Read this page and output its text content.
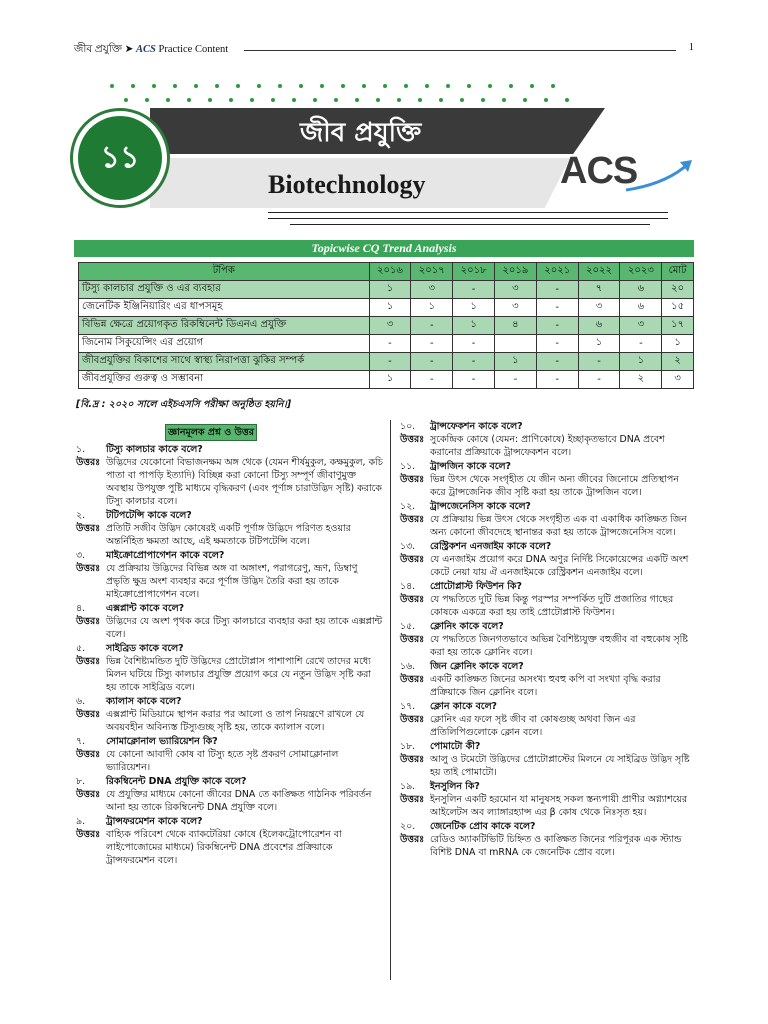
জীব প্রযুক্তি ➤ ACS Practice Content	1
জীব প্রযুক্তি
Biotechnology
১১	ACS
Topicwise CQ Trend Analysis
টপিক	২০১৬	২০১৭	২০১৮	২০১৯	২০২১	২০২২	২০২৩	মোট
টিস্যু কালচার প্রযুক্তি ও এর ব্যবহার	১	৩	-	৩	-	৭	৬	২০
জেনেটিক ইঞ্জিনিয়ারিং এর ধাপসমূহ	১	১	১	৩	-	৩	৬	১৫
বিভিন্ন ক্ষেত্রে প্রয়োগকৃত রিকম্বিনেন্ট ডিএনএ প্রযুক্তি	৩	-	১	৪	-	৬	৩	১৭
জিনোম সিকুয়েন্সিং এর প্রয়োগ	-	-	-		-	১	-	১
জীবপ্রযুক্তির বিকাশের সাথে স্বাস্থ্য নিরাপত্তা ঝুকির সম্পর্ক	-	-	-	১	-	-	১	২
জীবপ্রযুক্তির গুরুত্ব ও সম্ভাবনা	১	-	-	-	-	-	২	৩
[বি.দ্র : ২০২০ সালে এইচএসসি পরীক্ষা অনুষ্ঠিত হয়নি।]
জ্ঞানমূলক প্রশ্ন ও উত্তর
১.	টিস্যু কালচার কাকে বলে?
উত্তরঃ উদ্ভিদের যেকোনো বিভাজনক্ষম অঙ্গ থেকে (যেমন শীর্ষমুকুল, কক্ষমুকুল, কচি পাতা বা পাপড়ি ইত্যাদি) বিচ্ছিন্ন করা কোনো টিস্যু সম্পূর্ণ জীবাণুমুক্ত অবস্থায় উপযুক্ত পুষ্টি মাধ্যমে বৃদ্ধিকরণ (এবং পূর্ণাঙ্গ চারাউদ্ভিদ সৃষ্টি) করাকে টিস্যু কালচার বলে।
২.	টটিপটেন্সি কাকে বলে?
উত্তরঃ প্রতিটি সজীব উদ্ভিদ কোষেরই একটি পূর্ণাঙ্গ উদ্ভিদে পরিণত হওয়ার অন্তর্নিহিত ক্ষমতা আছে, এই ক্ষমতাকে টটিপটেন্সি বলে।
৩.	মাইক্রোপ্রোপাগেশন কাকে বলে?
উত্তরঃ যে প্রক্রিয়ায় উদ্ভিদের বিভিন্ন অঙ্গ বা অঙ্গাংশ, পরাগরেণু, ভ্রূণ, ডিম্বাণু প্রভৃতি ক্ষুদ্র অংশ ব্যবহার করে পূর্ণাঙ্গ উদ্ভিদ তৈরি করা হয় তাকে মাইক্রোপ্রোপাগেশন বলে।
৪.	এক্সপ্লান্ট কাকে বলে?
উত্তরঃ উদ্ভিদের যে অংশ পৃথক করে টিস্যু কালচারে ব্যবহার করা হয় তাকে এক্সপ্লান্ট বলে।
৫.	সাইব্রিড কাকে বলে?
উত্তরঃ ভিন্ন বৈশিষ্ট্যমন্ডিত দুটি উদ্ভিদের প্রোটোপ্লাস পাশাপাশি রেখে তাদের মধ্যে মিলন ঘটিয়ে টিস্যু কালচার প্রযুক্তি প্রয়োগ করে যে নতুন উদ্ভিদ সৃষ্টি করা হয় তাকে সাইব্রিড বলে।
৬.	ক্যালাস কাকে বলে?
উত্তরঃ এক্সপ্লান্ট মিডিয়ামে স্থাপন করার পর আলো ও তাপ নিয়ন্ত্রণে রাখলে যে অবয়বহীন অবিন্যস্ত টিস্যুগুচ্ছ সৃষ্টি হয়, তাকে ক্যালাস বলে।
৭.	সোমাক্লোনাল ভ্যারিয়েশন কি?
উত্তরঃ যে কোনো আবাদী কোষ বা টিস্যু হতে সৃষ্ট প্রকরণ সোমাক্লোনাল ভ্যারিয়েশন।
৮.	রিকম্বিনেন্ট DNA প্রযুক্তি কাকে বলে?
উত্তরঃ যে প্রযুক্তির মাধ্যমে কোনো জীবের DNA তে কাঙ্ক্ষিত গাঠনিক পরিবর্তন আনা হয় তাকে রিকম্বিনেন্ট DNA প্রযুক্তি বলে।
৯.	ট্রান্সফরমেশন কাকে বলে?
উত্তরঃ বাহ্যিক পরিবেশ থেকে ব্যাকটেরিয়া কোষে (ইলেকট্রোপোরেশন বা লাইপোজোমের মাধ্যমে) রিকম্বিনেন্ট DNA প্রবেশের প্রক্রিয়াকে ট্রান্সফরমেশন বলে।
১০.	ট্রান্সফেকশন কাকে বলে?
উত্তরঃ সুকেন্দ্রিক কোষে (যেমন: প্রাণিকোষে) ইচ্ছাকৃতভাবে DNA প্রবেশ করানোর প্রক্রিয়াকে ট্রান্সফেকশন বলে।
১১.	ট্রান্সজিন কাকে বলে?
উত্তরঃ ভিন্ন উৎস থেকে সংগৃহীত যে জীন অন্য জীবের জিনোমে প্রতিস্থাপন করে ট্রান্সজেনিক জীব সৃষ্টি করা হয় তাকে ট্রান্সজিন বলে।
১২.	ট্রান্সজেনেসিস কাকে বলে?
উত্তরঃ যে প্রক্রিয়ায় ভিন্ন উৎস থেকে সংগৃহীত এক বা একাধিক কাঙ্ক্ষিত জিন অন্য কোনো জীবদেহে স্থানান্তর করা হয় তাকে ট্রান্সজেনেসিস বলে।
১৩.	রেস্ট্রিকশন এনজাইম কাকে বলে?
উত্তরঃ যে এনজাইম প্রয়োগ করে DNA অণুর নির্দিষ্ট সিকোয়েন্সের একটি অংশ কেটে নেয়া যায় ঐ এনজাইমকে রেস্ট্রিকশন এনজাইম বলে।
১৪.	প্রোটোপ্লাস্ট ফিউশন কি?
উত্তরঃ যে পদ্ধতিতে দুটি ভিন্ন কিন্তু পরস্পর সম্পর্কিত দুটি প্রজাতির গাছের কোষকে একত্রে করা হয় তাই প্রোটোপ্লাস্ট ফিউশন।
১৫.	ক্লোনিং কাকে বলে?
উত্তরঃ যে পদ্ধতিতে জিনগতভাবে অভিন্ন বৈশিষ্ট্যযুক্ত বহুজীব বা বহুকোষ সৃষ্টি করা হয় তাকে ক্লোনিং বলে।
১৬.	জিন ক্লোনিং কাকে বলে?
উত্তরঃ একটি কাঙ্ক্ষিত জিনের অসংখ্য হুবহু কপি বা সংখ্যা বৃদ্ধি করার প্রক্রিয়াকে জিন ক্লোনিং বলে।
১৭.	ক্লোন কাকে বলে?
উত্তরঃ ক্লোনিং এর ফলে সৃষ্ট জীব বা কোষগুচ্ছ অথবা জিন এর প্রতিলিপিগুলোকে ক্লোন বলে।
১৮.	পোমাটো কী?
উত্তরঃ আলু ও টমেটো উদ্ভিদের প্রোটোপ্লাস্টের মিলনে যে সাইব্রিড উদ্ভিদ সৃষ্টি হয় তাই পোমাটো।
১৯.	ইনসুলিন কি?
উত্তরঃ ইনসুলিন একটি হরমোন যা মানুষসহ সকল স্তন্যপায়ী প্রাণীর অগ্ন্যাশয়ের আইলেটস অব ল্যাঙ্গারহ্যান্স এর β কোষ থেকে নিঃসৃত হয়।
২০.	জেনেটিক প্রোব কাকে বলে?
উত্তরঃ রেডিও অ্যাকটিভিটি চিহ্নিত ও কাঙ্ক্ষিত জিনের পরিপূরক এক স্ট্যান্ড বিশিষ্ট DNA বা mRNA কে জেনেটিক প্রোব বলে।
